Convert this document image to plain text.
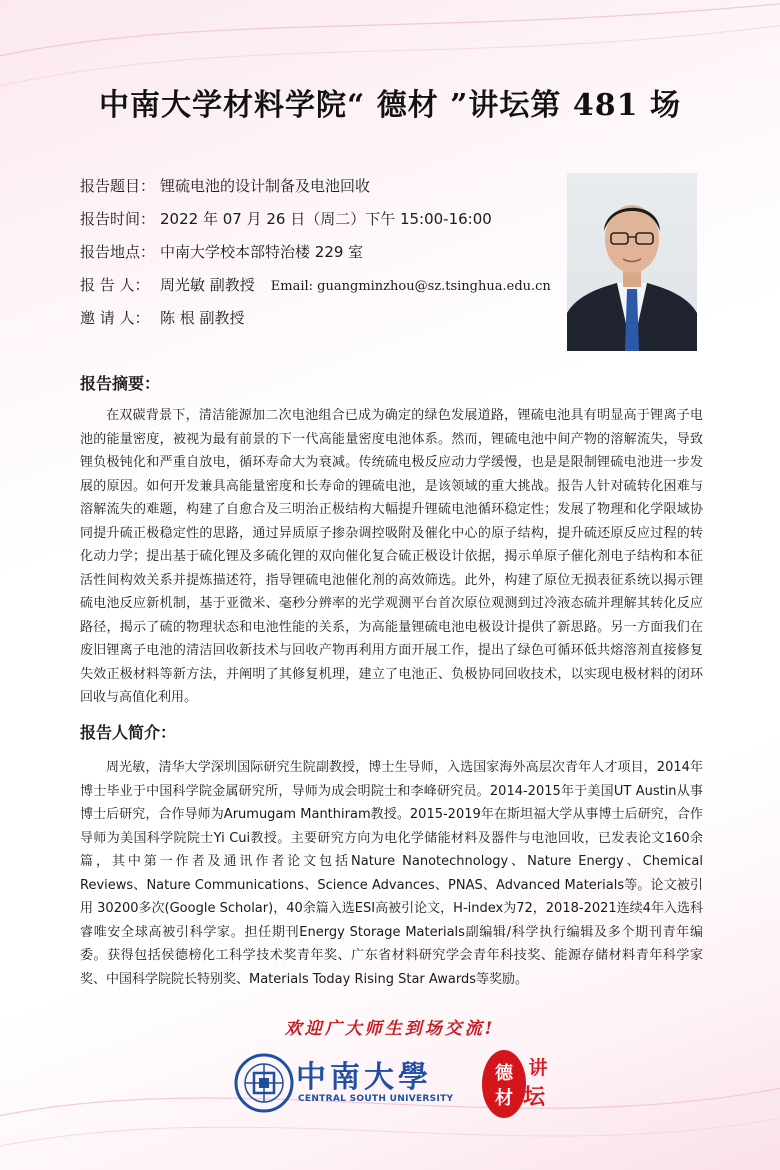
中南大学材料学院“ 德材 ”讲坛第 481 场
报告题目： 锂硫电池的设计制备及电池回收
报告时间： 2022 年 07 月 26 日（周二）下午 15:00-16:00
报告地点： 中南大学校本部特治楼 229 室
报 告 人： 周光敏 副教授 Email: guangminzhou@sz.tsinghua.edu.cn
邀 请 人： 陈 根 副教授
报告摘要：

在双碳背景下，清洁能源加二次电池组合已成为确定的绿色发展道路，锂硫电池具有明显高于锂离子电池的能量密度，被视为最有前景的下一代高能量密度电池体系。然而，锂硫电池中间产物的溶解流失，导致锂负极钝化和严重自放电，循环寿命大为衰减。传统硫电极反应动力学缓慢，也是是限制锂硫电池进一步发展的原因。如何开发兼具高能量密度和长寿命的锂硫电池，是该领域的重大挑战。报告人针对硫转化困难与溶解流失的难题，构建了自愈合及三明治正极结构大幅提升锂硫电池循环稳定性；发展了物理和化学限域协同提升硫正极稳定性的思路，通过异质原子掺杂调控吸附及催化中心的原子结构，提升硫还原反应过程的转化动力学；提出基于硫化锂及多硫化锂的双向催化复合硫正极设计依据，揭示单原子催化剂电子结构和本征活性间构效关系并提炼描述符，指导锂硫电池催化剂的高效筛选。此外，构建了原位无损表征系统以揭示锂硫电池反应新机制，基于亚微米、毫秒分辨率的光学观测平台首次原位观测到过冷液态硫并理解其转化反应路径，揭示了硫的物理状态和电池性能的关系，为高能量锂硫电池电极设计提供了新思路。另一方面我们在废旧锂离子电池的清洁回收新技术与回收产物再利用方面开展工作，提出了绿色可循环低共熔溶剂直接修复失效正极材料等新方法，并阐明了其修复机理，建立了电池正、负极协同回收技术，以实现电极材料的闭环回收与高值化利用。

报告人简介：

周光敏，清华大学深圳国际研究生院副教授，博士生导师，入选国家海外高层次青年人才项目，2014年博士毕业于中国科学院金属研究所，导师为成会明院士和李峰研究员。2014-2015年于美国UT Austin从事博士后研究，合作导师为Arumugam Manthiram教授。2015-2019年在斯坦福大学从事博士后研究，合作导师为美国科学院院士Yi Cui教授。主要研究方向为电化学储能材料及器件与电池回收，已发表论文160余篇，其中第一作者及通讯作者论文包括Nature Nanotechnology、Nature Energy、Chemical Reviews、Nature Communications、Science Advances、PNAS、Advanced Materials等。论文被引用 30200多次(Google Scholar)，40余篇入选ESI高被引论文，H-index为72，2018-2021连续4年入选科睿唯安全球高被引科学家。担任期刊Energy Storage Materials副编辑/科学执行编辑及多个期刊青年编委。获得包括侯德榜化工科学技术奖青年奖、广东省材料研究学会青年科技奖、能源存储材料青年科学家奖、中国科学院院长特别奖、Materials Today Rising Star Awards等奖励。

欢迎广大师生到场交流!
中南大學
CENTRAL SOUTH UNIVERSITY
德
材
讲
坛
